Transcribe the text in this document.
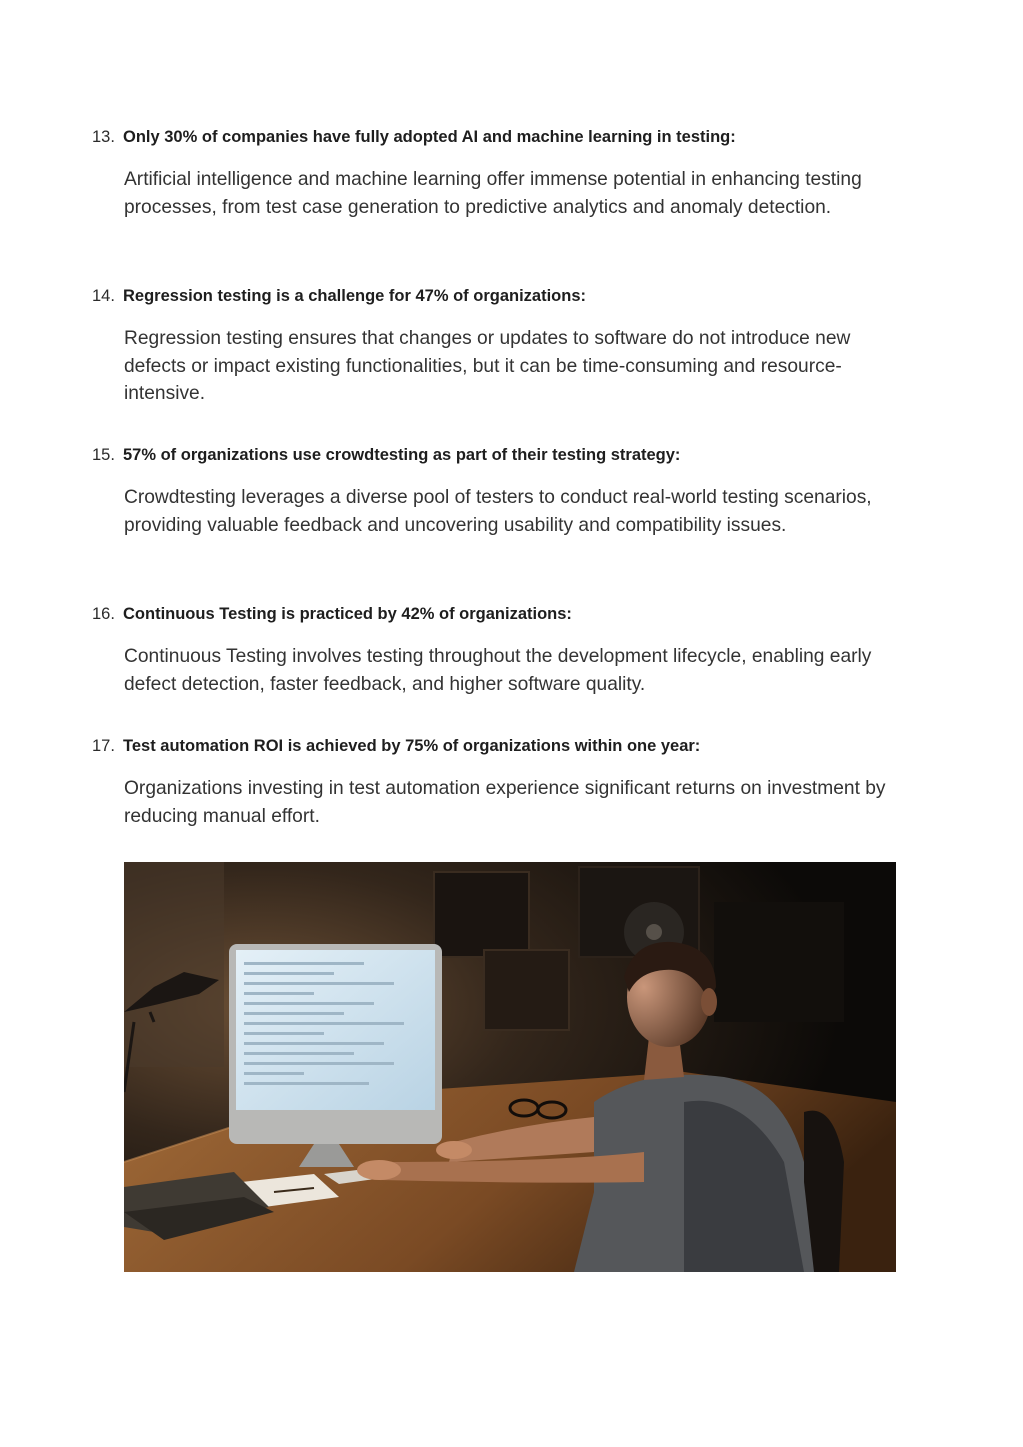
13. Only 30% of companies have fully adopted AI and machine learning in testing:

Artificial intelligence and machine learning offer immense potential in enhancing testing processes, from test case generation to predictive analytics and anomaly detection.

14. Regression testing is a challenge for 47% of organizations:

Regression testing ensures that changes or updates to software do not introduce new defects or impact existing functionalities, but it can be time-consuming and resource-intensive.

15. 57% of organizations use crowdtesting as part of their testing strategy:

Crowdtesting leverages a diverse pool of testers to conduct real-world testing scenarios, providing valuable feedback and uncovering usability and compatibility issues.

16. Continuous Testing is practiced by 42% of organizations:

Continuous Testing involves testing throughout the development lifecycle, enabling early defect detection, faster feedback, and higher software quality.

17. Test automation ROI is achieved by 75% of organizations within one year:

Organizations investing in test automation experience significant returns on investment by reducing manual effort.
